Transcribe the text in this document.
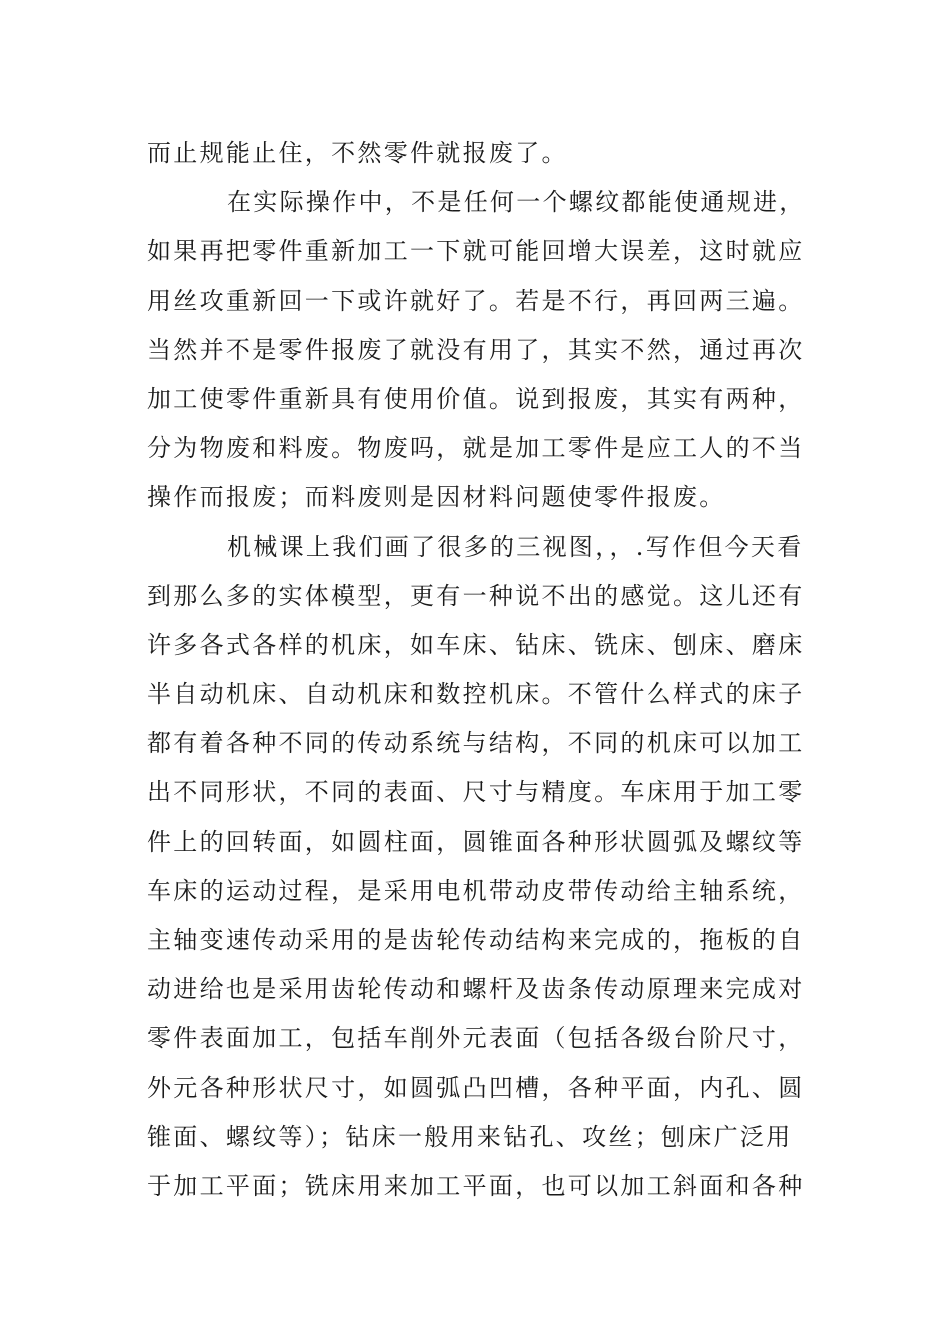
而止规能止住，不然零件就报废了。
在实际操作中，不是任何一个螺纹都能使通规进，
如果再把零件重新加工一下就可能回增大误差，这时就应
用丝攻重新回一下或许就好了。若是不行，再回两三遍。
当然并不是零件报废了就没有用了，其实不然，通过再次
加工使零件重新具有使用价值。说到报废，其实有两种，
分为物废和料废。物废吗，就是加工零件是应工人的不当
操作而报废；而料废则是因材料问题使零件报废。
机械课上我们画了很多的三视图，，.写作但今天看
到那么多的实体模型，更有一种说不出的感觉。这儿还有
许多各式各样的机床，如车床、钻床、铣床、刨床、磨床
半自动机床、自动机床和数控机床。不管什么样式的床子
都有着各种不同的传动系统与结构，不同的机床可以加工
出不同形状，不同的表面、尺寸与精度。车床用于加工零
件上的回转面，如圆柱面，圆锥面各种形状圆弧及螺纹等
车床的运动过程，是采用电机带动皮带传动给主轴系统，
主轴变速传动采用的是齿轮传动结构来完成的，拖板的自
动进给也是采用齿轮传动和螺杆及齿条传动原理来完成对
零件表面加工，包括车削外元表面（包括各级台阶尺寸，
外元各种形状尺寸，如圆弧凸凹槽，各种平面，内孔、圆
锥面、螺纹等）；钻床一般用来钻孔、攻丝；刨床广泛用
于加工平面；铣床用来加工平面，也可以加工斜面和各种
